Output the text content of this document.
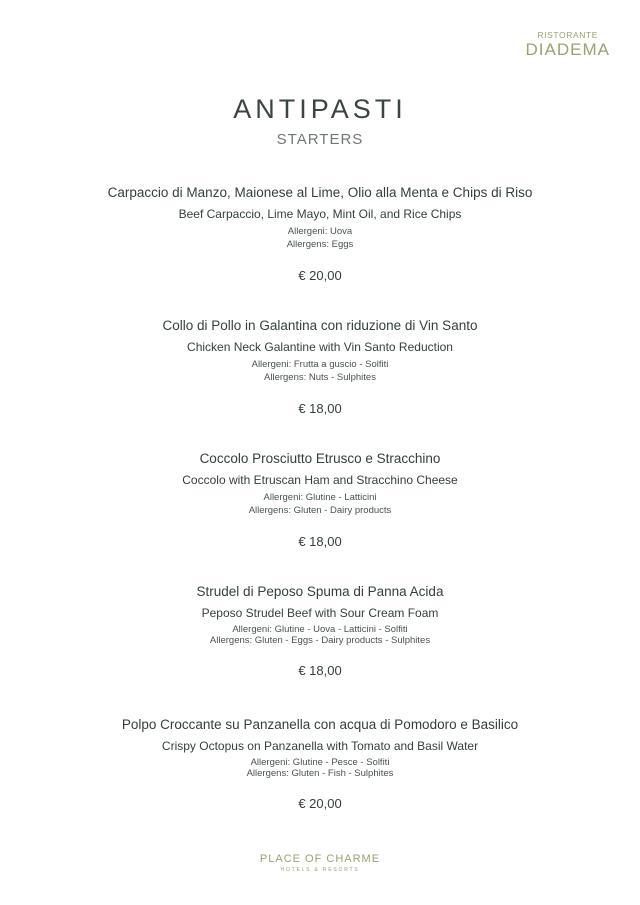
RISTORANTE
DIADEMA
ANTIPASTI
STARTERS
Carpaccio di Manzo, Maionese al Lime, Olio alla Menta e Chips di Riso
Beef Carpaccio, Lime Mayo, Mint Oil, and Rice Chips
Allergeni: Uova
Allergens: Eggs
€ 20,00
Collo di Pollo in Galantina con riduzione di Vin Santo
Chicken Neck Galantine with Vin Santo Reduction
Allergeni: Frutta a guscio - Solfiti
Allergens: Nuts - Sulphites
€ 18,00
Coccolo Prosciutto Etrusco e Stracchino
Coccolo with Etruscan Ham and Stracchino Cheese
Allergeni: Glutine - Latticini
Allergens: Gluten - Dairy products
€ 18,00
Strudel di Peposo Spuma di Panna Acida
Peposo Strudel Beef with Sour Cream Foam
Allergeni: Glutine - Uova - Latticini - Solfiti
Allergens: Gluten - Eggs - Dairy products - Sulphites
€ 18,00
Polpo Croccante su Panzanella con acqua di Pomodoro e Basilico
Crispy Octopus on Panzanella with Tomato and Basil Water
Allergeni: Glutine - Pesce - Solfiti
Allergens: Gluten - Fish - Sulphites
€ 20,00
PLACE OF CHARME
HOTELS & RESORTS
